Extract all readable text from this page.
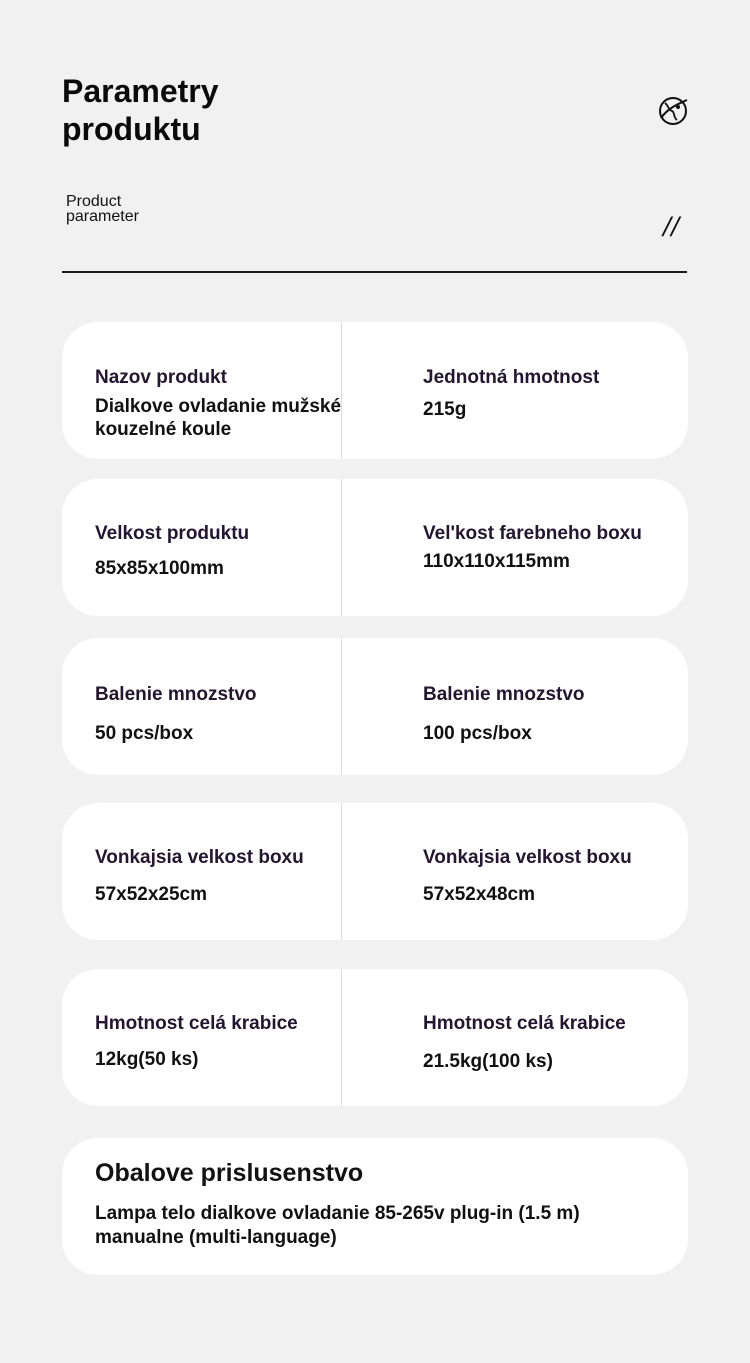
Parametry produktu
Product
parameter	//
Nazov produkt
Dialkove ovladanie mužské kouzelné koule
Jednotná hmotnost
215g
Velkost produktu
85x85x100mm
Vel'kost farebneho boxu
110x110x115mm
Balenie mnozstvo
50 pcs/box
Balenie mnozstvo
100 pcs/box
Vonkajsia velkost boxu
57x52x25cm
Vonkajsia velkost boxu
57x52x48cm
Hmotnost celá krabice
12kg(50 ks)
Hmotnost celá krabice
21.5kg(100 ks)
Obalove prislusenstvo
Lampa telo dialkove ovladanie 85-265v plug-in (1.5 m) manualne (multi-language)
